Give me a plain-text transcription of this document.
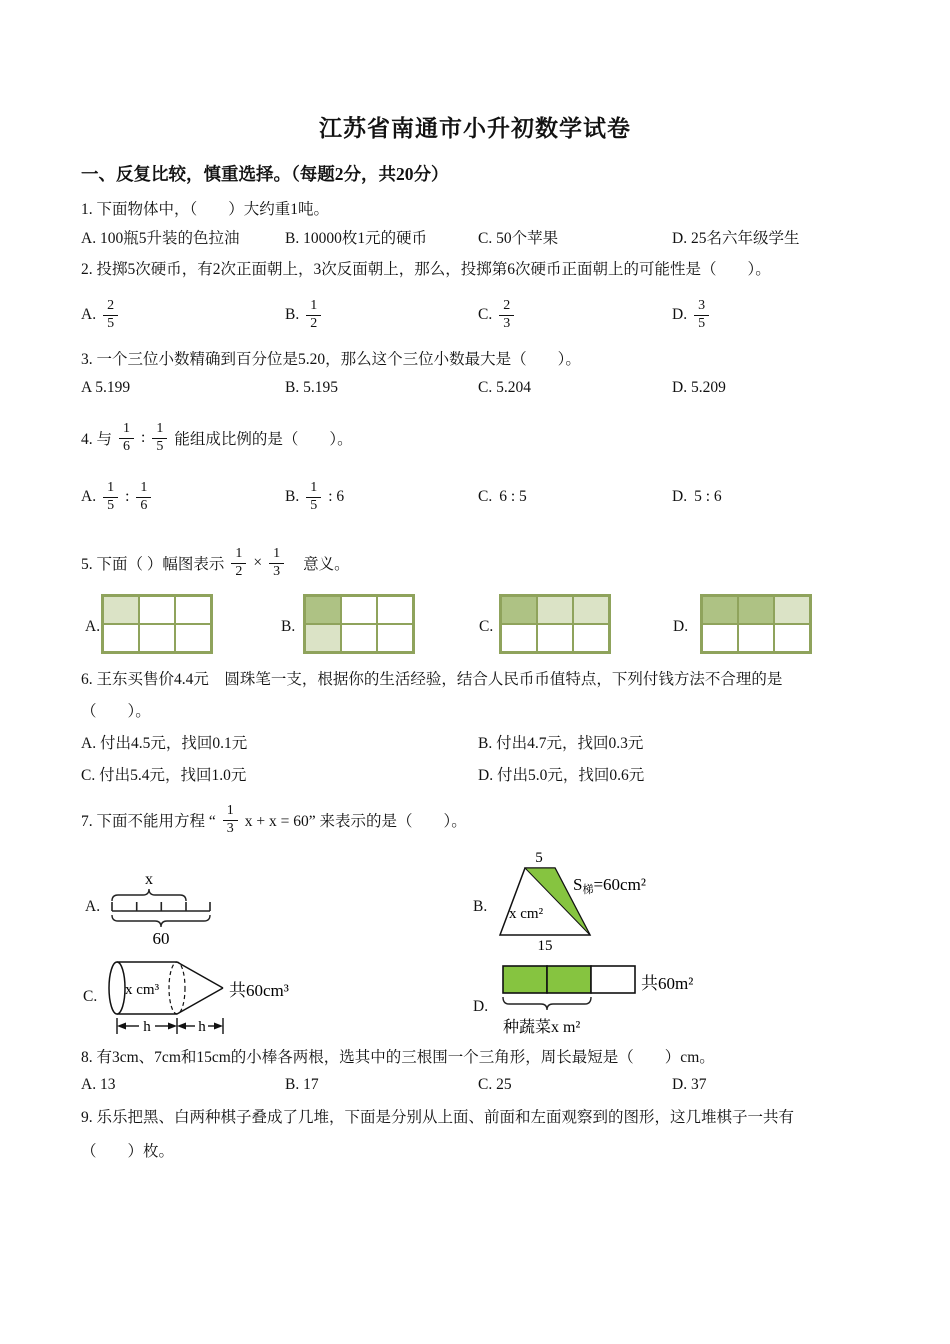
江苏省南通市小升初数学试卷
一、反复比较，慎重选择。（每题2分，共20分）
1. 下面物体中，（　　）大约重1吨。
A. 100瓶5升装的色拉油	B. 10000枚1元的硬币	C. 50个苹果	D. 25名六年级学生
2. 投掷5次硬币，有2次正面朝上，3次反面朝上，那么，投掷第6次硬币正面朝上的可能性是（　　）。
A. $\frac{2}{5}$	B. $\frac{1}{2}$	C. $\frac{2}{3}$	D. $\frac{3}{5}$
3. 一个三位小数精确到百分位是5.20，那么这个三位小数最大是（　　）。
A 5.199	B. 5.195	C. 5.204	D. 5.209
4. 与 $\frac{1}{6}$ : $\frac{1}{5}$ 能组成比例的是（　　）。
A. $\frac{1}{5}$ : $\frac{1}{6}$	B. $\frac{1}{5}$ : 6	C. 6 : 5	D. 5 : 6
5. 下面（ ）幅图表示 $\frac{1}{2} \times \frac{1}{3}$ 意义。
A.	B.	C.	D.
6. 王东买售价4.4元　圆珠笔一支，根据你的生活经验，结合人民币币值特点，下列付钱方法不合理的是
（　　）。
A. 付出4.5元，找回0.1元	B. 付出4.7元，找回0.3元
C. 付出5.4元，找回1.0元	D. 付出5.0元，找回0.6元
7. 下面不能用方程 “ $\frac{1}{3}$ x + x = 60” 来表示的是（　　）。
A.
x
60
B.
5
15
x cm²
S梯=60cm²
C. x cm³	共60cm³
h	h
D.
种蔬菜x m²
共60m²
8. 有3cm、7cm和15cm的小棒各两根，选其中的三根围一个三角形，周长最短是（　　）cm。
A. 13	B. 17	C. 25	D. 37
9. 乐乐把黑、白两种棋子叠成了几堆，下面是分别从上面、前面和左面观察到的图形，这几堆棋子一共有
（　　）枚。
